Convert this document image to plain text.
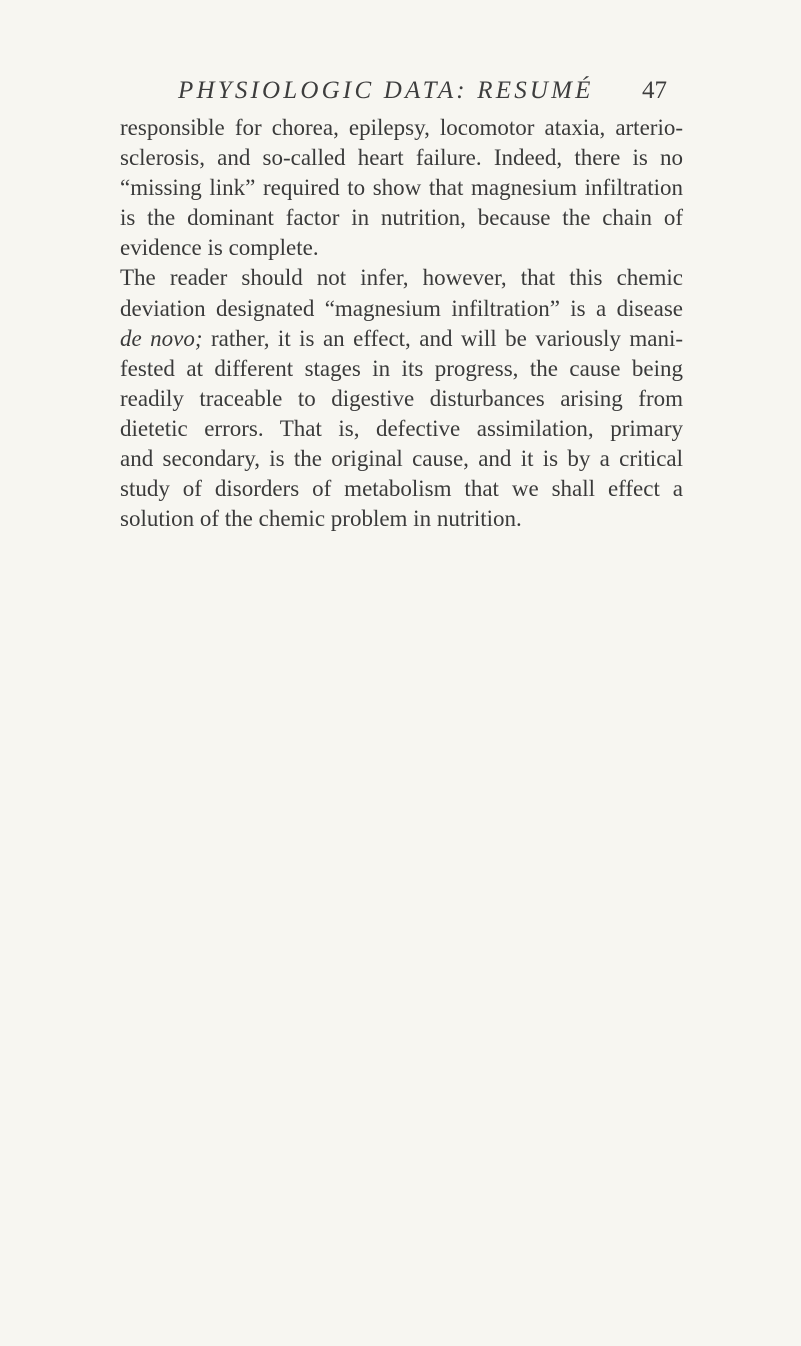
PHYSIOLOGIC DATA: RESUMÉ 47
responsible for chorea, epilepsy, locomotor ataxia, arterio-
sclerosis, and so-called heart failure. Indeed, there is no
“missing link” required to show that magnesium infiltration
is the dominant factor in nutrition, because the chain of
evidence is complete.
The reader should not infer, however, that this chemic
deviation designated “magnesium infiltration” is a disease
de novo; rather, it is an effect, and will be variously mani-
fested at different stages in its progress, the cause being
readily traceable to digestive disturbances arising from
dietetic errors. That is, defective assimilation, primary
and secondary, is the original cause, and it is by a critical
study of disorders of metabolism that we shall effect a
solution of the chemic problem in nutrition.
